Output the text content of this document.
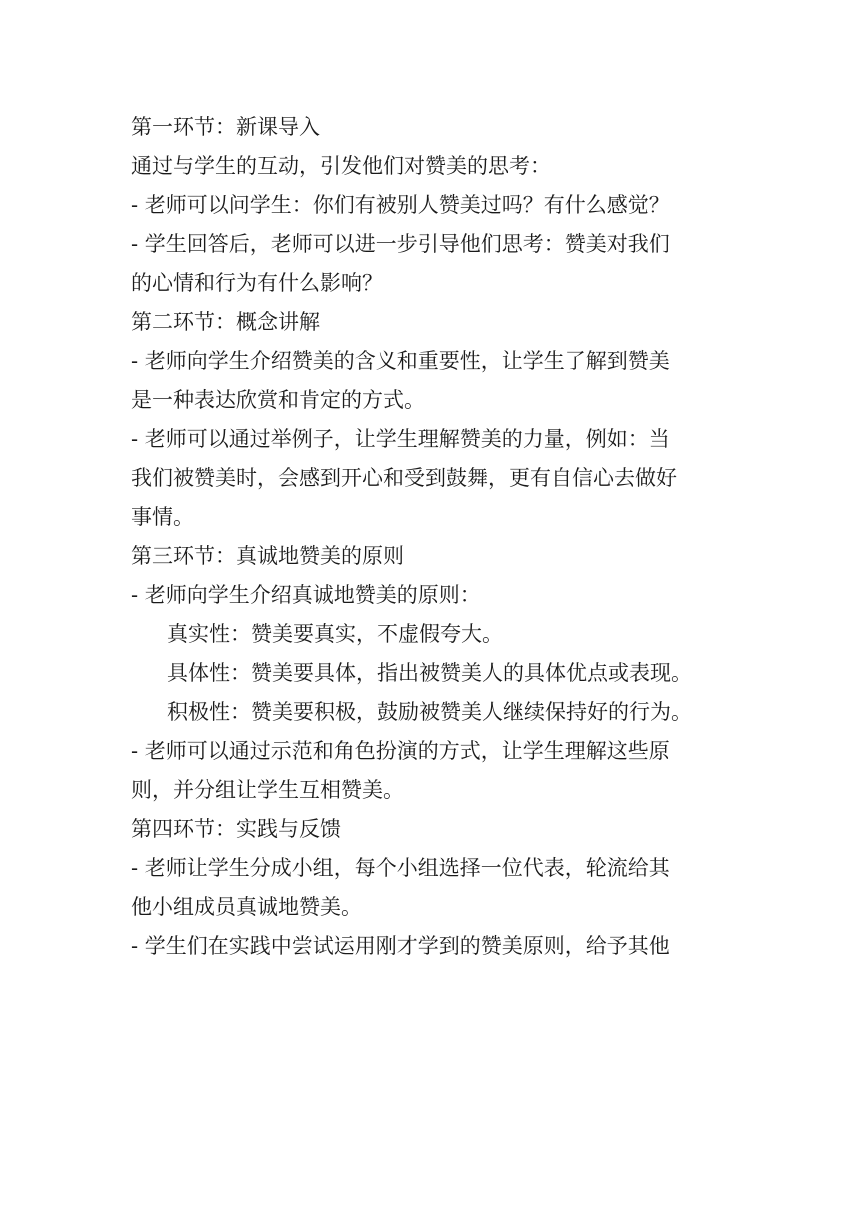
第一环节：新课导入
通过与学生的互动，引发他们对赞美的思考：
- 老师可以问学生：你们有被别人赞美过吗？有什么感觉？
- 学生回答后，老师可以进一步引导他们思考：赞美对我们
的心情和行为有什么影响？
第二环节：概念讲解
- 老师向学生介绍赞美的含义和重要性，让学生了解到赞美
是一种表达欣赏和肯定的方式。
- 老师可以通过举例子，让学生理解赞美的力量，例如：当
我们被赞美时，会感到开心和受到鼓舞，更有自信心去做好
事情。
第三环节：真诚地赞美的原则
- 老师向学生介绍真诚地赞美的原则：
真实性：赞美要真实，不虚假夸大。
具体性：赞美要具体，指出被赞美人的具体优点或表现。
积极性：赞美要积极，鼓励被赞美人继续保持好的行为。
- 老师可以通过示范和角色扮演的方式，让学生理解这些原
则，并分组让学生互相赞美。
第四环节：实践与反馈
- 老师让学生分成小组，每个小组选择一位代表，轮流给其
他小组成员真诚地赞美。
- 学生们在实践中尝试运用刚才学到的赞美原则，给予其他
